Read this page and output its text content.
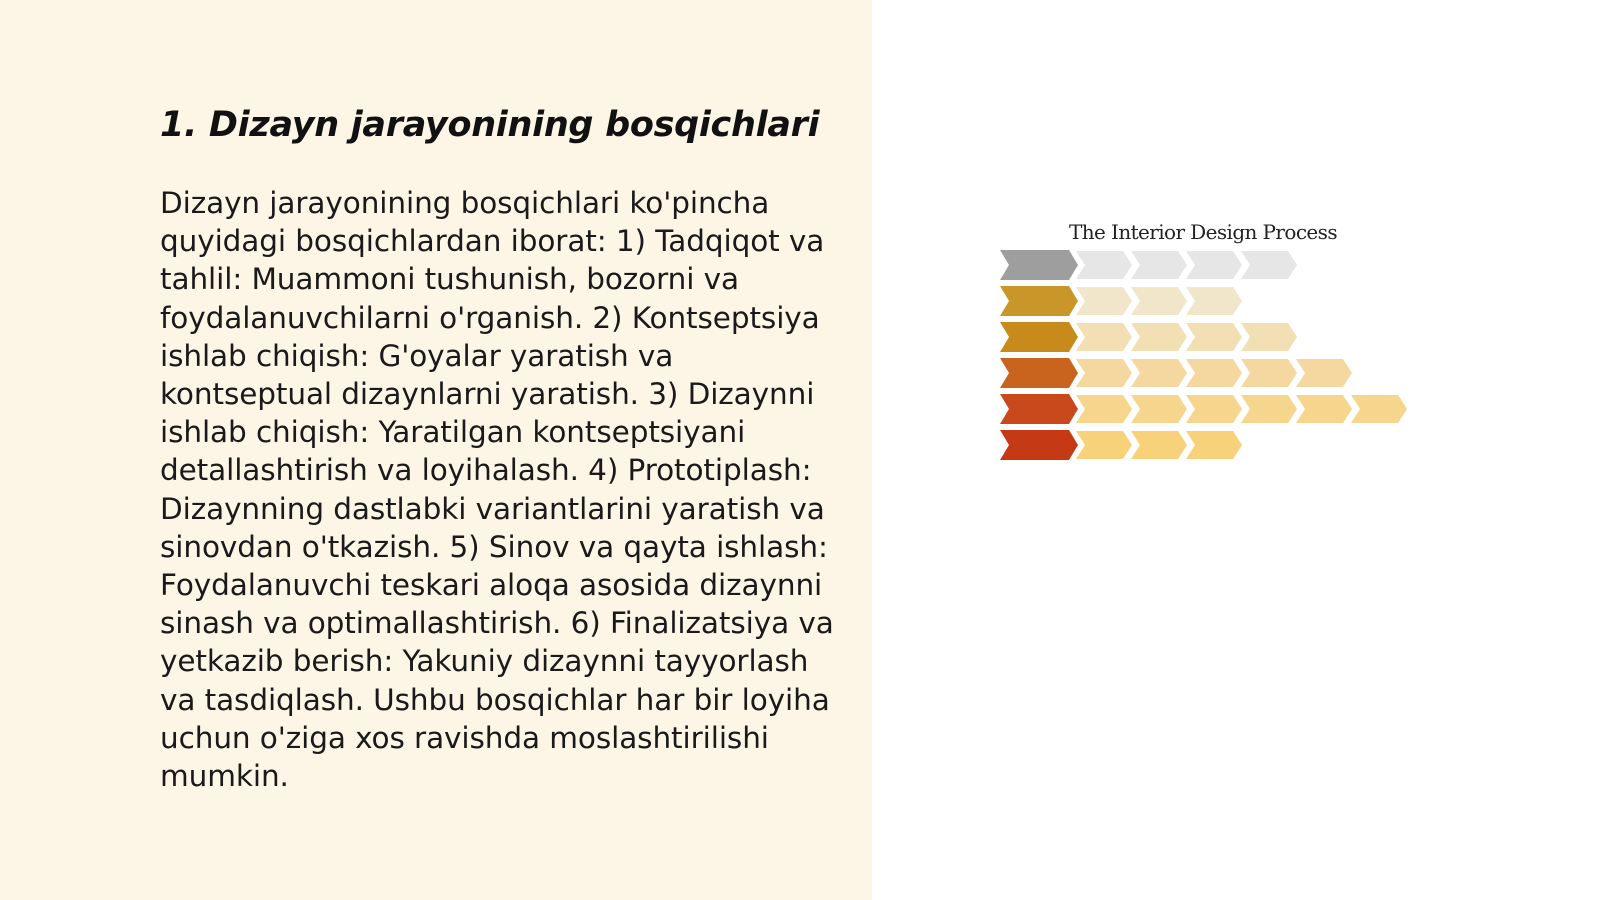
1. Dizayn jarayonining bosqichlari

Dizayn jarayonining bosqichlari ko'pincha quyidagi bosqichlardan iborat: 1) Tadqiqot va tahlil: Muammoni tushunish, bozorni va foydalanuvchilarni o'rganish. 2) Kontseptsiya ishlab chiqish: G'oyalar yaratish va kontseptual dizaynlarni yaratish. 3) Dizaynni ishlab chiqish: Yaratilgan kontseptsiyani detallashtirish va loyihalash. 4) Prototiplash: Dizaynning dastlabki variantlarini yaratish va sinovdan o'tkazish. 5) Sinov va qayta ishlash: Foydalanuvchi teskari aloqa asosida dizaynni sinash va optimallashtirish. 6) Finalizatsiya va yetkazib berish: Yakuniy dizaynni tayyorlash va tasdiqlash. Ushbu bosqichlar har bir loyiha uchun o'ziga xos ravishda moslashtirilishi mumkin.

The Interior Design Process
